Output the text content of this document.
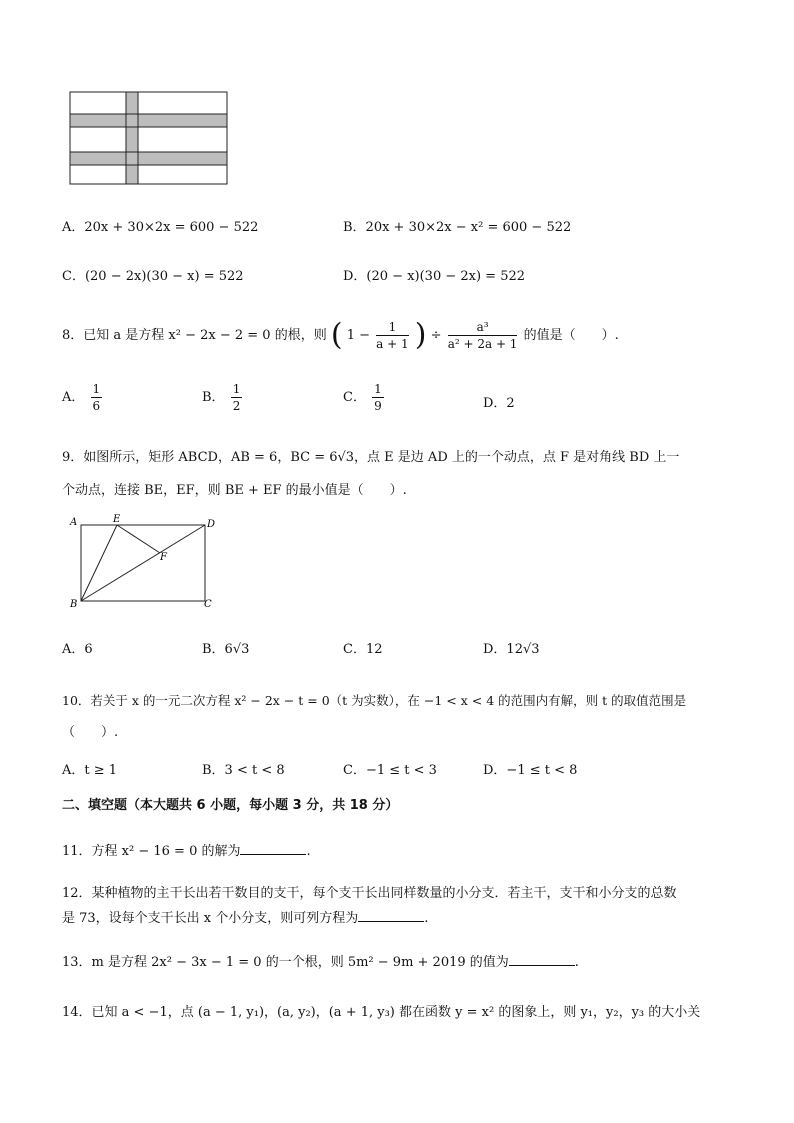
A．20x + 30×2x = 600 − 522	B．20x + 30×2x − x² = 600 − 522
C．(20 − 2x)(30 − x) = 522	D．(20 − x)(30 − 2x) = 522
8．已知 a 是方程 x² − 2x − 2 = 0 的根，则 ( $1 - \frac{1}{a + 1}$ ) ÷ $\frac{\text{a³}}{\text{a² + 2a + 1}}$ 的值是（　　）.
A． $\frac{1}{6}$	B． $\frac{1}{2}$	C． $\frac{1}{9}$	D．2
9．如图所示，矩形 ABCD，AB = 6，BC = 6√3，点 E 是边 AD 上的一个动点，点 F 是对角线 BD 上一
个动点，连接 BE，EF，则 BE + EF 的最小值是（　　）.
A	E	D
F
B	C
A．6	B．6√3	C．12	D．12√3
10．若关于 x 的一元二次方程 x² − 2x − t = 0（t 为实数），在 −1 < x < 4 的范围内有解，则 t 的取值范围是
（　　）.
A．t ≥ 1	B．3 < t < 8	C．−1 ≤ t < 3	D．−1 ≤ t < 8
二、填空题（本大题共 6 小题，每小题 3 分，共 18 分）
11．方程 x² − 16 = 0 的解为	.
12．某种植物的主干长出若干数目的支干，每个支干长出同样数量的小分支．若主干，支干和小分支的总数
是 73，设每个支干长出 x 个小分支，则可列方程为	.
13．m 是方程 2x² − 3x − 1 = 0 的一个根，则 5m² − 9m + 2019 的值为	.
14．已知 a < −1，点 (a − 1, y₁)，(a, y₂)，(a + 1, y₃) 都在函数 y = x² 的图象上，则 y₁，y₂，y₃ 的大小关
